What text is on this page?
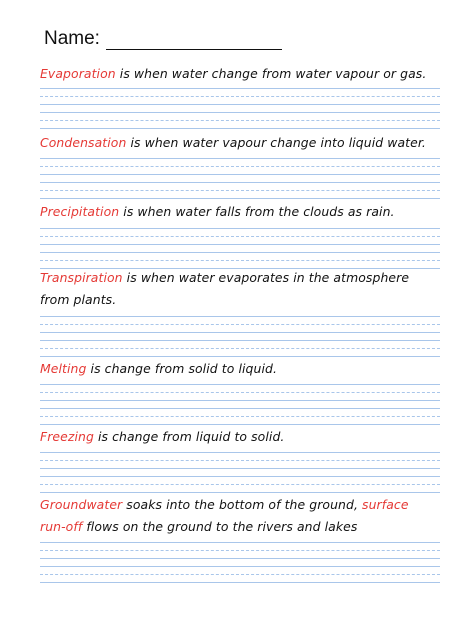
Name:
Evaporation is when water change from water vapour or gas.
Condensation is when water vapour change into liquid water.
Precipitation is when water falls from the clouds as rain.
Transpiration is when water evaporates in the atmosphere
from plants.
Melting is change from solid to liquid.
Freezing is change from liquid to solid.
Groundwater soaks into the bottom of the ground, surface
run-off flows on the ground to the rivers and lakes
